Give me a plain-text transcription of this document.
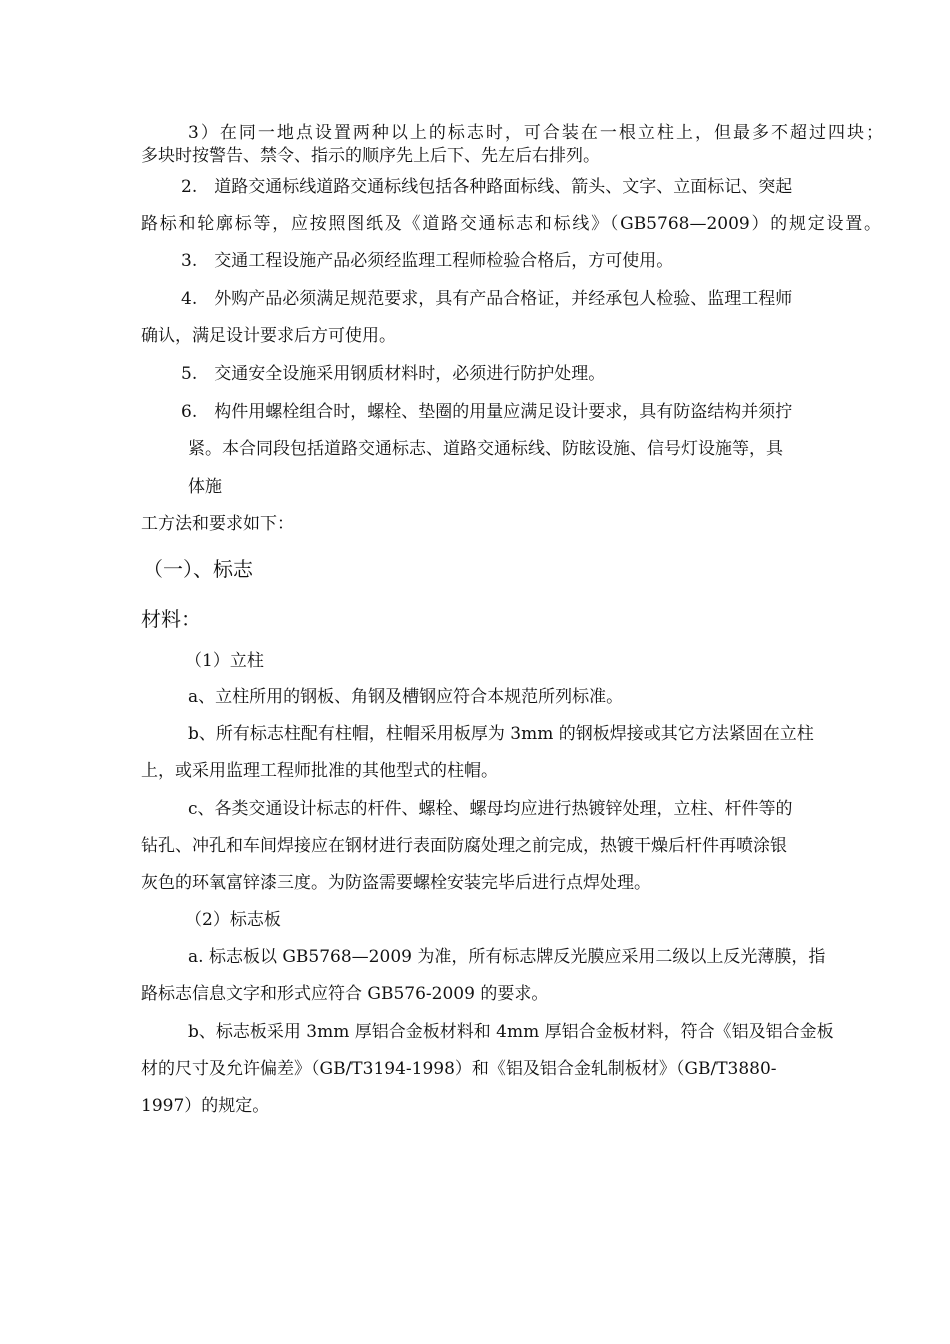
3）在同一地点设置两种以上的标志时，可合装在一根立柱上，但最多不超过四块；
多块时按警告、禁令、指示的顺序先上后下、先左后右排列。
2.　道路交通标线道路交通标线包括各种路面标线、箭头、文字、立面标记、突起
路标和轮廓标等，应按照图纸及《道路交通标志和标线》（GB5768—2009）的规定设置。
3.　交通工程设施产品必须经监理工程师检验合格后，方可使用。
4.　外购产品必须满足规范要求，具有产品合格证，并经承包人检验、监理工程师
确认，满足设计要求后方可使用。
5.　交通安全设施采用钢质材料时，必须进行防护处理。
6.　构件用螺栓组合时，螺栓、垫圈的用量应满足设计要求，具有防盗结构并须拧
紧。本合同段包括道路交通标志、道路交通标线、防眩设施、信号灯设施等，具
体施
工方法和要求如下：
（一）、标志
材料：
（1）立柱
a、立柱所用的钢板、角钢及槽钢应符合本规范所列标准。
b、所有标志柱配有柱帽，柱帽采用板厚为 3mm 的钢板焊接或其它方法紧固在立柱
上，或采用监理工程师批准的其他型式的柱帽。
c、各类交通设计标志的杆件、螺栓、螺母均应进行热镀锌处理，立柱、杆件等的
钻孔、冲孔和车间焊接应在钢材进行表面防腐处理之前完成，热镀干燥后杆件再喷涂银
灰色的环氧富锌漆三度。为防盗需要螺栓安装完毕后进行点焊处理。
（2）标志板
a. 标志板以 GB5768—2009 为准，所有标志牌反光膜应采用二级以上反光薄膜，指
路标志信息文字和形式应符合 GB576-2009 的要求。
b、标志板采用 3mm 厚铝合金板材料和 4mm 厚铝合金板材料，符合《铝及铝合金板
材的尺寸及允许偏差》（GB/T3194-1998）和《铝及铝合金轧制板材》（GB/T3880-
1997）的规定。
